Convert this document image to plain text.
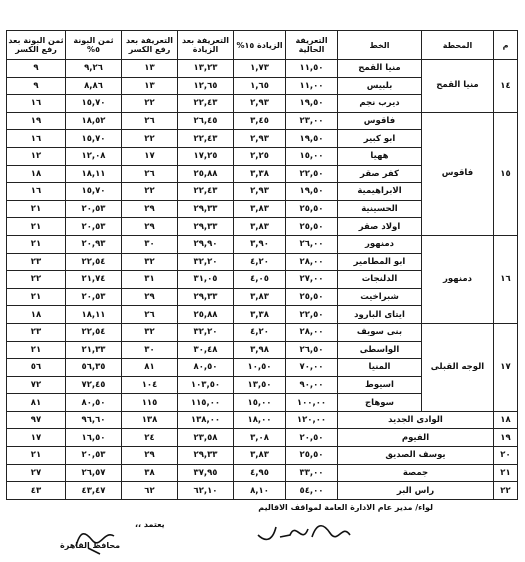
م	المحطة	الخط	التعريفة الحالية	الزيادة ١٥%	التعريفة بعد الزيادة	التعريفة بعد رفع الكسر	ثمن البونة ٥%	ثمن البونة بعد رفع الكسر
١٤	منيا القمح	منيا القمح	١١,٥٠	١,٧٣	١٣,٢٣	١٣	٩,٢٦	٩
		بلبيس	١١,٠٠	١,٦٥	١٢,٦٥	١٣	٨,٨٦	٩
		ديرب نجم	١٩,٥٠	٢,٩٣	٢٢,٤٣	٢٢	١٥,٧٠	١٦
١٥	فاقوس	فاقوس	٢٣,٠٠	٣,٤٥	٢٦,٤٥	٢٦	١٨,٥٢	١٩
		ابو كبير	١٩,٥٠	٢,٩٣	٢٢,٤٣	٢٢	١٥,٧٠	١٦
		ههيا	١٥,٠٠	٢,٢٥	١٧,٢٥	١٧	١٢,٠٨	١٢
		كفر صقر	٢٢,٥٠	٣,٣٨	٢٥,٨٨	٢٦	١٨,١١	١٨
		الابراهيمية	١٩,٥٠	٢,٩٣	٢٢,٤٣	٢٢	١٥,٧٠	١٦
		الحسينية	٢٥,٥٠	٣,٨٣	٢٩,٣٣	٢٩	٢٠,٥٣	٢١
		اولاد صقر	٢٥,٥٠	٣,٨٣	٢٩,٣٣	٢٩	٢٠,٥٣	٢١
١٦	دمنهور	دمنهور	٢٦,٠٠	٣,٩٠	٢٩,٩٠	٣٠	٢٠,٩٣	٢١
		ابو المطامير	٢٨,٠٠	٤,٢٠	٣٢,٢٠	٣٢	٢٢,٥٤	٢٣
		الدلنجات	٢٧,٠٠	٤,٠٥	٣١,٠٥	٣١	٢١,٧٤	٢٢
		شبراخيت	٢٥,٥٠	٣,٨٣	٢٩,٣٣	٢٩	٢٠,٥٣	٢١
		ايتاى البارود	٢٢,٥٠	٣,٣٨	٢٥,٨٨	٢٦	١٨,١١	١٨
١٧	الوجه القبلى	بنى سويف	٢٨,٠٠	٤,٢٠	٣٢,٢٠	٣٢	٢٢,٥٤	٢٣
		الواسطى	٢٦,٥٠	٣,٩٨	٣٠,٤٨	٣٠	٢١,٣٣	٢١
		المنيا	٧٠,٠٠	١٠,٥٠	٨٠,٥٠	٨١	٥٦,٣٥	٥٦
		اسيوط	٩٠,٠٠	١٣,٥٠	١٠٣,٥٠	١٠٤	٧٢,٤٥	٧٢
		سوهاج	١٠٠,٠٠	١٥,٠٠	١١٥,٠٠	١١٥	٨٠,٥٠	٨١
١٨	الوادى الجديد		١٢٠,٠٠	١٨,٠٠	١٣٨,٠٠	١٣٨	٩٦,٦٠	٩٧
١٩	الفيوم		٢٠,٥٠	٣,٠٨	٢٣,٥٨	٢٤	١٦,٥٠	١٧
٢٠	يوسف الصديق		٢٥,٥٠	٣,٨٣	٢٩,٣٣	٢٩	٢٠,٥٣	٢١
٢١	جمصة		٣٣,٠٠	٤,٩٥	٣٧,٩٥	٣٨	٢٦,٥٧	٢٧
٢٢	راس البر		٥٤,٠٠	٨,١٠	٦٢,١٠	٦٢	٤٣,٤٧	٤٣
لواء/ مدير عام الادارة العامة لمواقف الاقاليم
يعتمد ،،
محافظ القاهرة
